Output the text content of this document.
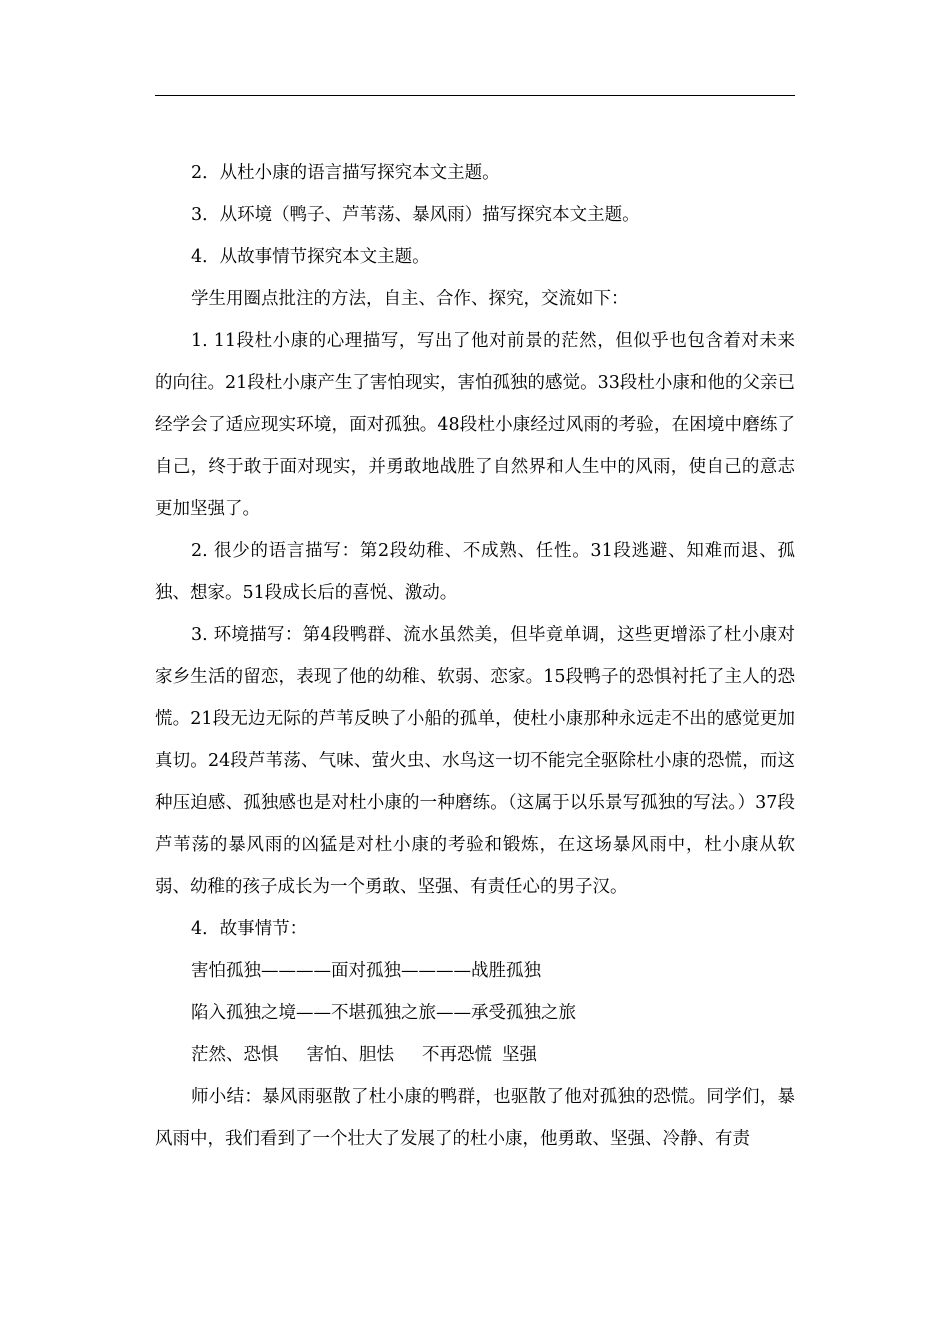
2．从杜小康的语言描写探究本文主题。

3．从环境（鸭子、芦苇荡、暴风雨）描写探究本文主题。

4．从故事情节探究本文主题。

学生用圈点批注的方法，自主、合作、探究，交流如下：

1. 11段杜小康的心理描写，写出了他对前景的茫然，但似乎也包含着对未来的向往。21段杜小康产生了害怕现实，害怕孤独的感觉。33段杜小康和他的父亲已经学会了适应现实环境，面对孤独。48段杜小康经过风雨的考验，在困境中磨练了自己，终于敢于面对现实，并勇敢地战胜了自然界和人生中的风雨，使自己的意志更加坚强了。

2. 很少的语言描写：第2段幼稚、不成熟、任性。31段逃避、知难而退、孤独、想家。51段成长后的喜悦、激动。

3. 环境描写：第4段鸭群、流水虽然美，但毕竟单调，这些更增添了杜小康对家乡生活的留恋，表现了他的幼稚、软弱、恋家。15段鸭子的恐惧衬托了主人的恐慌。21段无边无际的芦苇反映了小船的孤单，使杜小康那种永远走不出的感觉更加真切。24段芦苇荡、气味、萤火虫、水鸟这一切不能完全驱除杜小康的恐慌，而这种压迫感、孤独感也是对杜小康的一种磨练。（这属于以乐景写孤独的写法。）37段芦苇荡的暴风雨的凶猛是对杜小康的考验和锻炼，在这场暴风雨中，杜小康从软弱、幼稚的孩子成长为一个勇敢、坚强、有责任心的男子汉。

4．故事情节：

害怕孤独————面对孤独————战胜孤独

陷入孤独之境——不堪孤独之旅——承受孤独之旅

茫然、恐惧 害怕、胆怯 不再恐慌 坚强

师小结：暴风雨驱散了杜小康的鸭群，也驱散了他对孤独的恐慌。同学们，暴风雨中，我们看到了一个壮大了发展了的杜小康，他勇敢、坚强、冷静、有责
